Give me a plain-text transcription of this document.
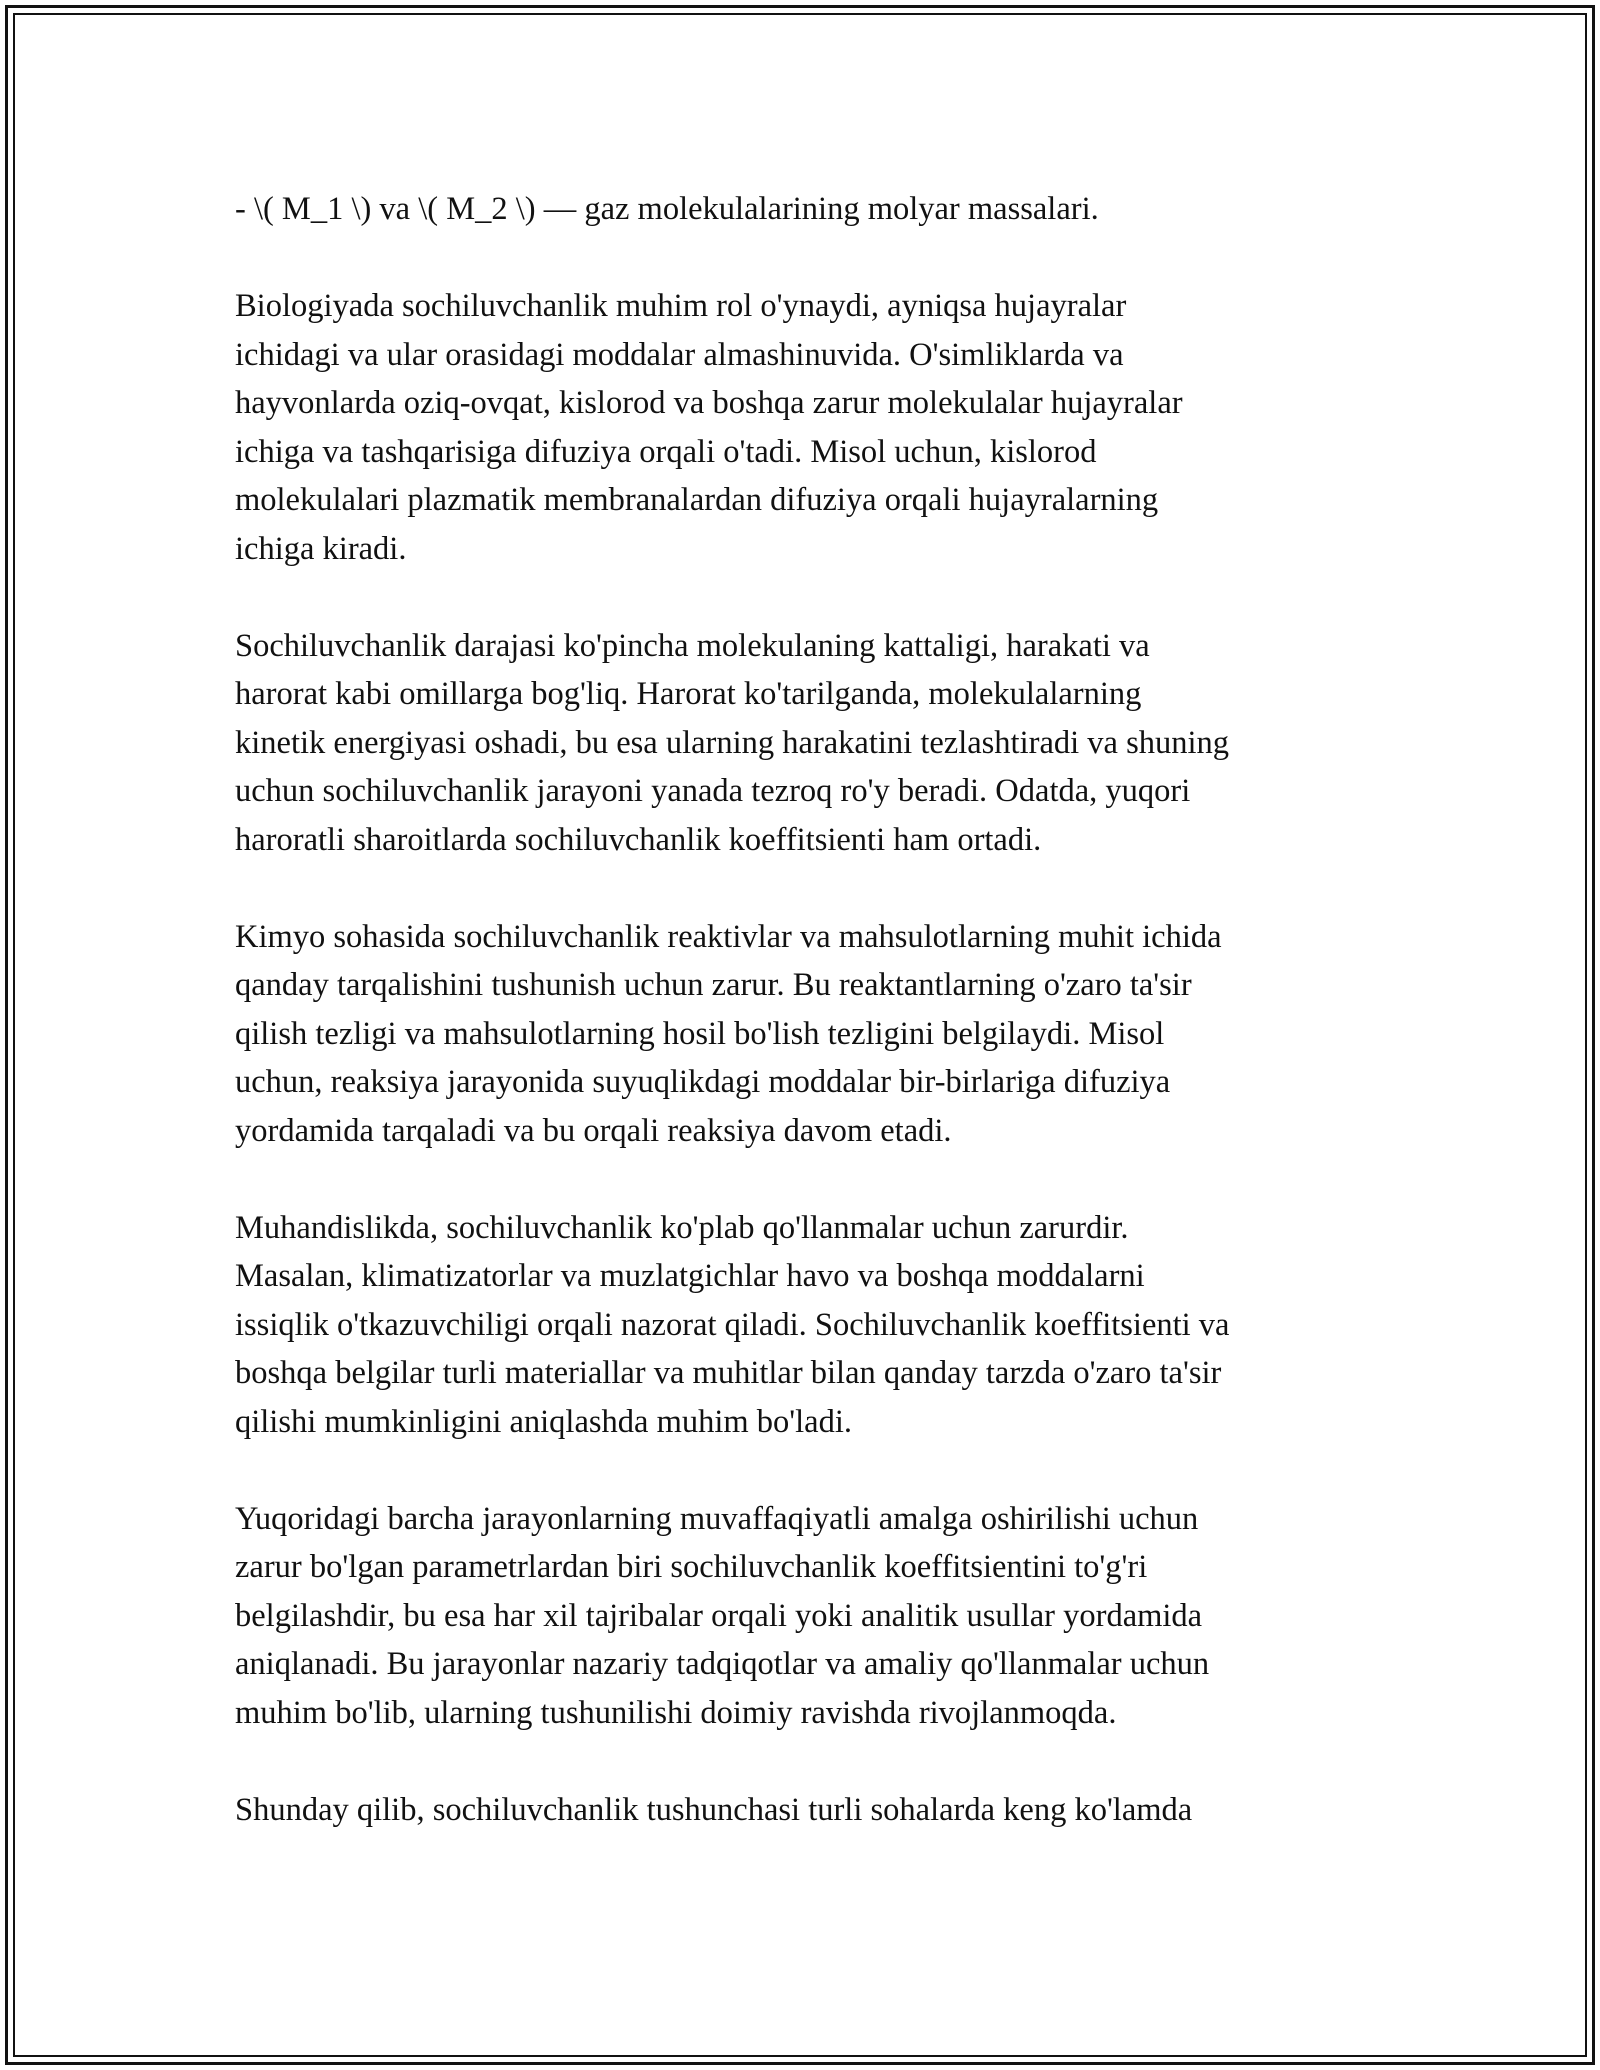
- \( M_1 \) va \( M_2 \) — gaz molekulalarining molyar massalari.

Biologiyada sochiluvchanlik muhim rol o'ynaydi, ayniqsa hujayralar
ichidagi va ular orasidagi moddalar almashinuvida. O'simliklarda va
hayvonlarda oziq-ovqat, kislorod va boshqa zarur molekulalar hujayralar
ichiga va tashqarisiga difuziya orqali o'tadi. Misol uchun, kislorod
molekulalari plazmatik membranalardan difuziya orqali hujayralarning
ichiga kiradi.

Sochiluvchanlik darajasi ko'pincha molekulaning kattaligi, harakati va
harorat kabi omillarga bog'liq. Harorat ko'tarilganda, molekulalarning
kinetik energiyasi oshadi, bu esa ularning harakatini tezlashtiradi va shuning
uchun sochiluvchanlik jarayoni yanada tezroq ro'y beradi. Odatda, yuqori
haroratli sharoitlarda sochiluvchanlik koeffitsienti ham ortadi.

Kimyo sohasida sochiluvchanlik reaktivlar va mahsulotlarning muhit ichida
qanday tarqalishini tushunish uchun zarur. Bu reaktantlarning o'zaro ta'sir
qilish tezligi va mahsulotlarning hosil bo'lish tezligini belgilaydi. Misol
uchun, reaksiya jarayonida suyuqlikdagi moddalar bir-birlariga difuziya
yordamida tarqaladi va bu orqali reaksiya davom etadi.

Muhandislikda, sochiluvchanlik ko'plab qo'llanmalar uchun zarurdir.
Masalan, klimatizatorlar va muzlatgichlar havo va boshqa moddalarni
issiqlik o'tkazuvchiligi orqali nazorat qiladi. Sochiluvchanlik koeffitsienti va
boshqa belgilar turli materiallar va muhitlar bilan qanday tarzda o'zaro ta'sir
qilishi mumkinligini aniqlashda muhim bo'ladi.

Yuqoridagi barcha jarayonlarning muvaffaqiyatli amalga oshirilishi uchun
zarur bo'lgan parametrlardan biri sochiluvchanlik koeffitsientini to'g'ri
belgilashdir, bu esa har xil tajribalar orqali yoki analitik usullar yordamida
aniqlanadi. Bu jarayonlar nazariy tadqiqotlar va amaliy qo'llanmalar uchun
muhim bo'lib, ularning tushunilishi doimiy ravishda rivojlanmoqda.

Shunday qilib, sochiluvchanlik tushunchasi turli sohalarda keng ko'lamda
